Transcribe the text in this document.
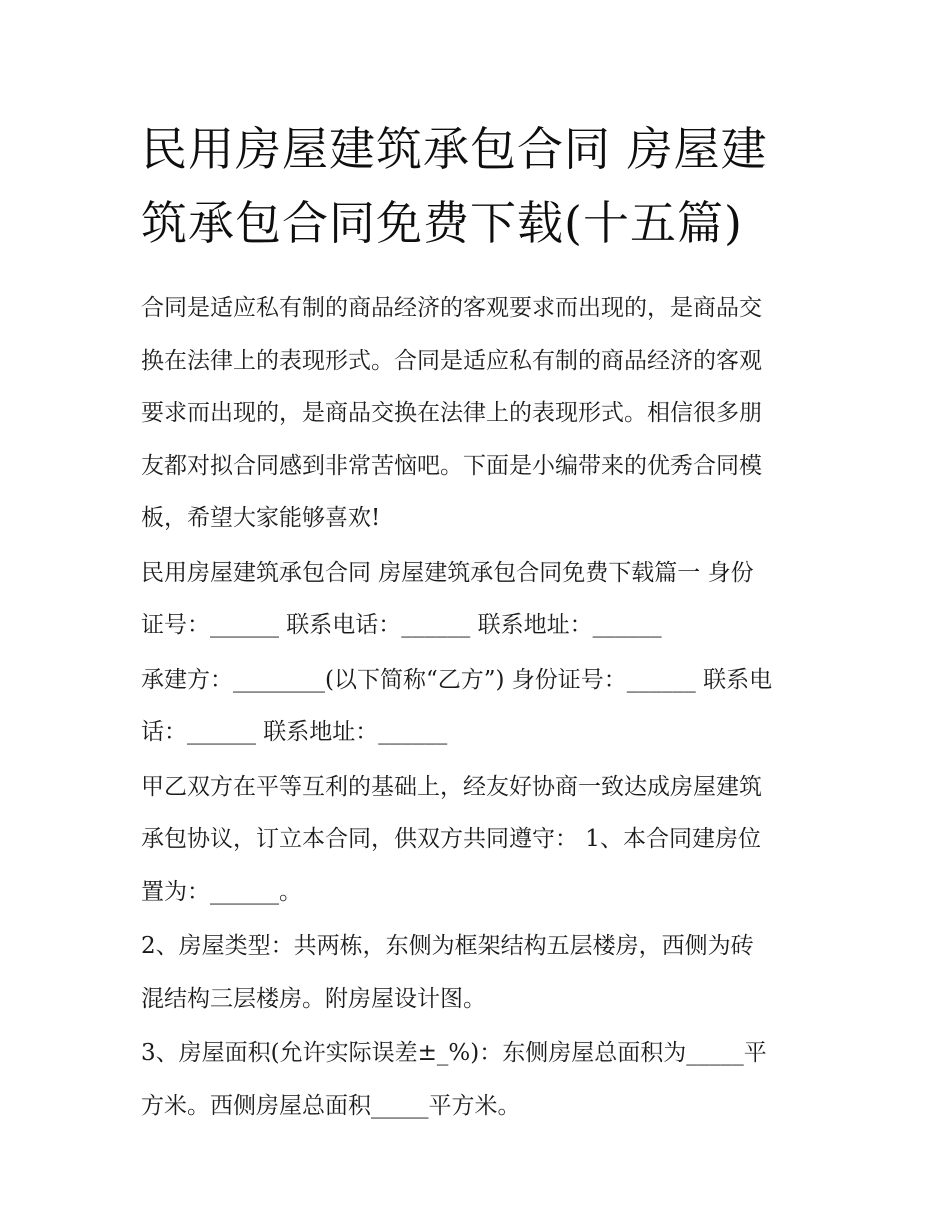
民用房屋建筑承包合同 房屋建
筑承包合同免费下载(十五篇)

合同是适应私有制的商品经济的客观要求而出现的，是商品交
换在法律上的表现形式。合同是适应私有制的商品经济的客观
要求而出现的，是商品交换在法律上的表现形式。相信很多朋
友都对拟合同感到非常苦恼吧。下面是小编带来的优秀合同模
板，希望大家能够喜欢!

民用房屋建筑承包合同 房屋建筑承包合同免费下载篇一 身份
证号：______ 联系电话：______ 联系地址：______

承建方：________(以下简称“乙方”) 身份证号：______ 联系电
话：______ 联系地址：______

甲乙双方在平等互利的基础上，经友好协商一致达成房屋建筑
承包协议，订立本合同，供双方共同遵守： 1、本合同建房位
置为：______。

2、房屋类型：共两栋，东侧为框架结构五层楼房，西侧为砖
混结构三层楼房。附房屋设计图。

3、房屋面积(允许实际误差±_%)：东侧房屋总面积为_____平
方米。西侧房屋总面积_____平方米。
